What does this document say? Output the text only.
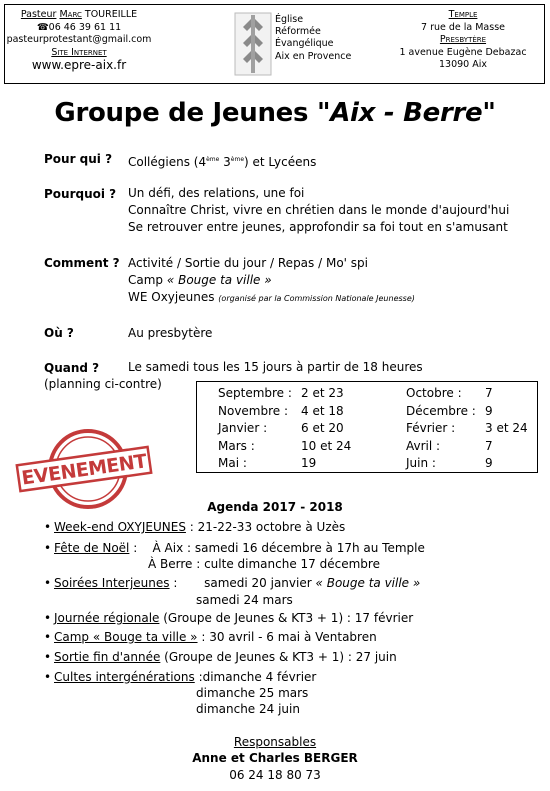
Pasteur Marc TOUREILLE
☎06 46 39 61 11
pasteurprotestant@gmail.com
Site Internet
www.epre-aix.fr
Église
Réformée
Évangélique
Aix en Provence
Temple
7 rue de la Masse
Presbytère
1 avenue Eugène Debazac
13090 Aix
Groupe de Jeunes "Aix - Berre"
Pour qui ? Collégiens (4ème 3ème) et Lycéens
Pourquoi ? Un défi, des relations, une foi
Connaître Christ, vivre en chrétien dans le monde d'aujourd'hui
Se retrouver entre jeunes, approfondir sa foi tout en s'amusant
Comment ? Activité / Sortie du jour / Repas / Mo' spi
Camp « Bouge ta ville »
WE Oxyjeunes (organisé par la Commission Nationale Jeunesse)
Où ?	Au presbytère
Quand ? Le samedi tous les 15 jours à partir de 18 heures
(planning ci-contre)
Septembre :
Novembre :
Janvier :
Mars :
Mai :
2 et 23
4 et 18
6 et 20
10 et 24
19
Octobre :
Décembre :
Février :
Avril :
Juin :
7
9
3 et 24
7
9
EVENEMENT
Agenda 2017 - 2018
• Week-end OXYJEUNES : 21-22-33 octobre à Uzès
• Fête de Noël :    À Aix : samedi 16 décembre à 17h au Temple
À Berre : culte dimanche 17 décembre
• Soirées Interjeunes :       samedi 20 janvier « Bouge ta ville »
samedi 24 mars
• Journée régionale (Groupe de Jeunes & KT3 + 1) : 17 février
• Camp « Bouge ta ville » : 30 avril - 6 mai à Ventabren
• Sortie fin d'année (Groupe de Jeunes & KT3 + 1) : 27 juin
• Cultes intergénérations :dimanche 4 février
dimanche 25 mars
dimanche 24 juin
Responsables
Anne et Charles BERGER
06 24 18 80 73
